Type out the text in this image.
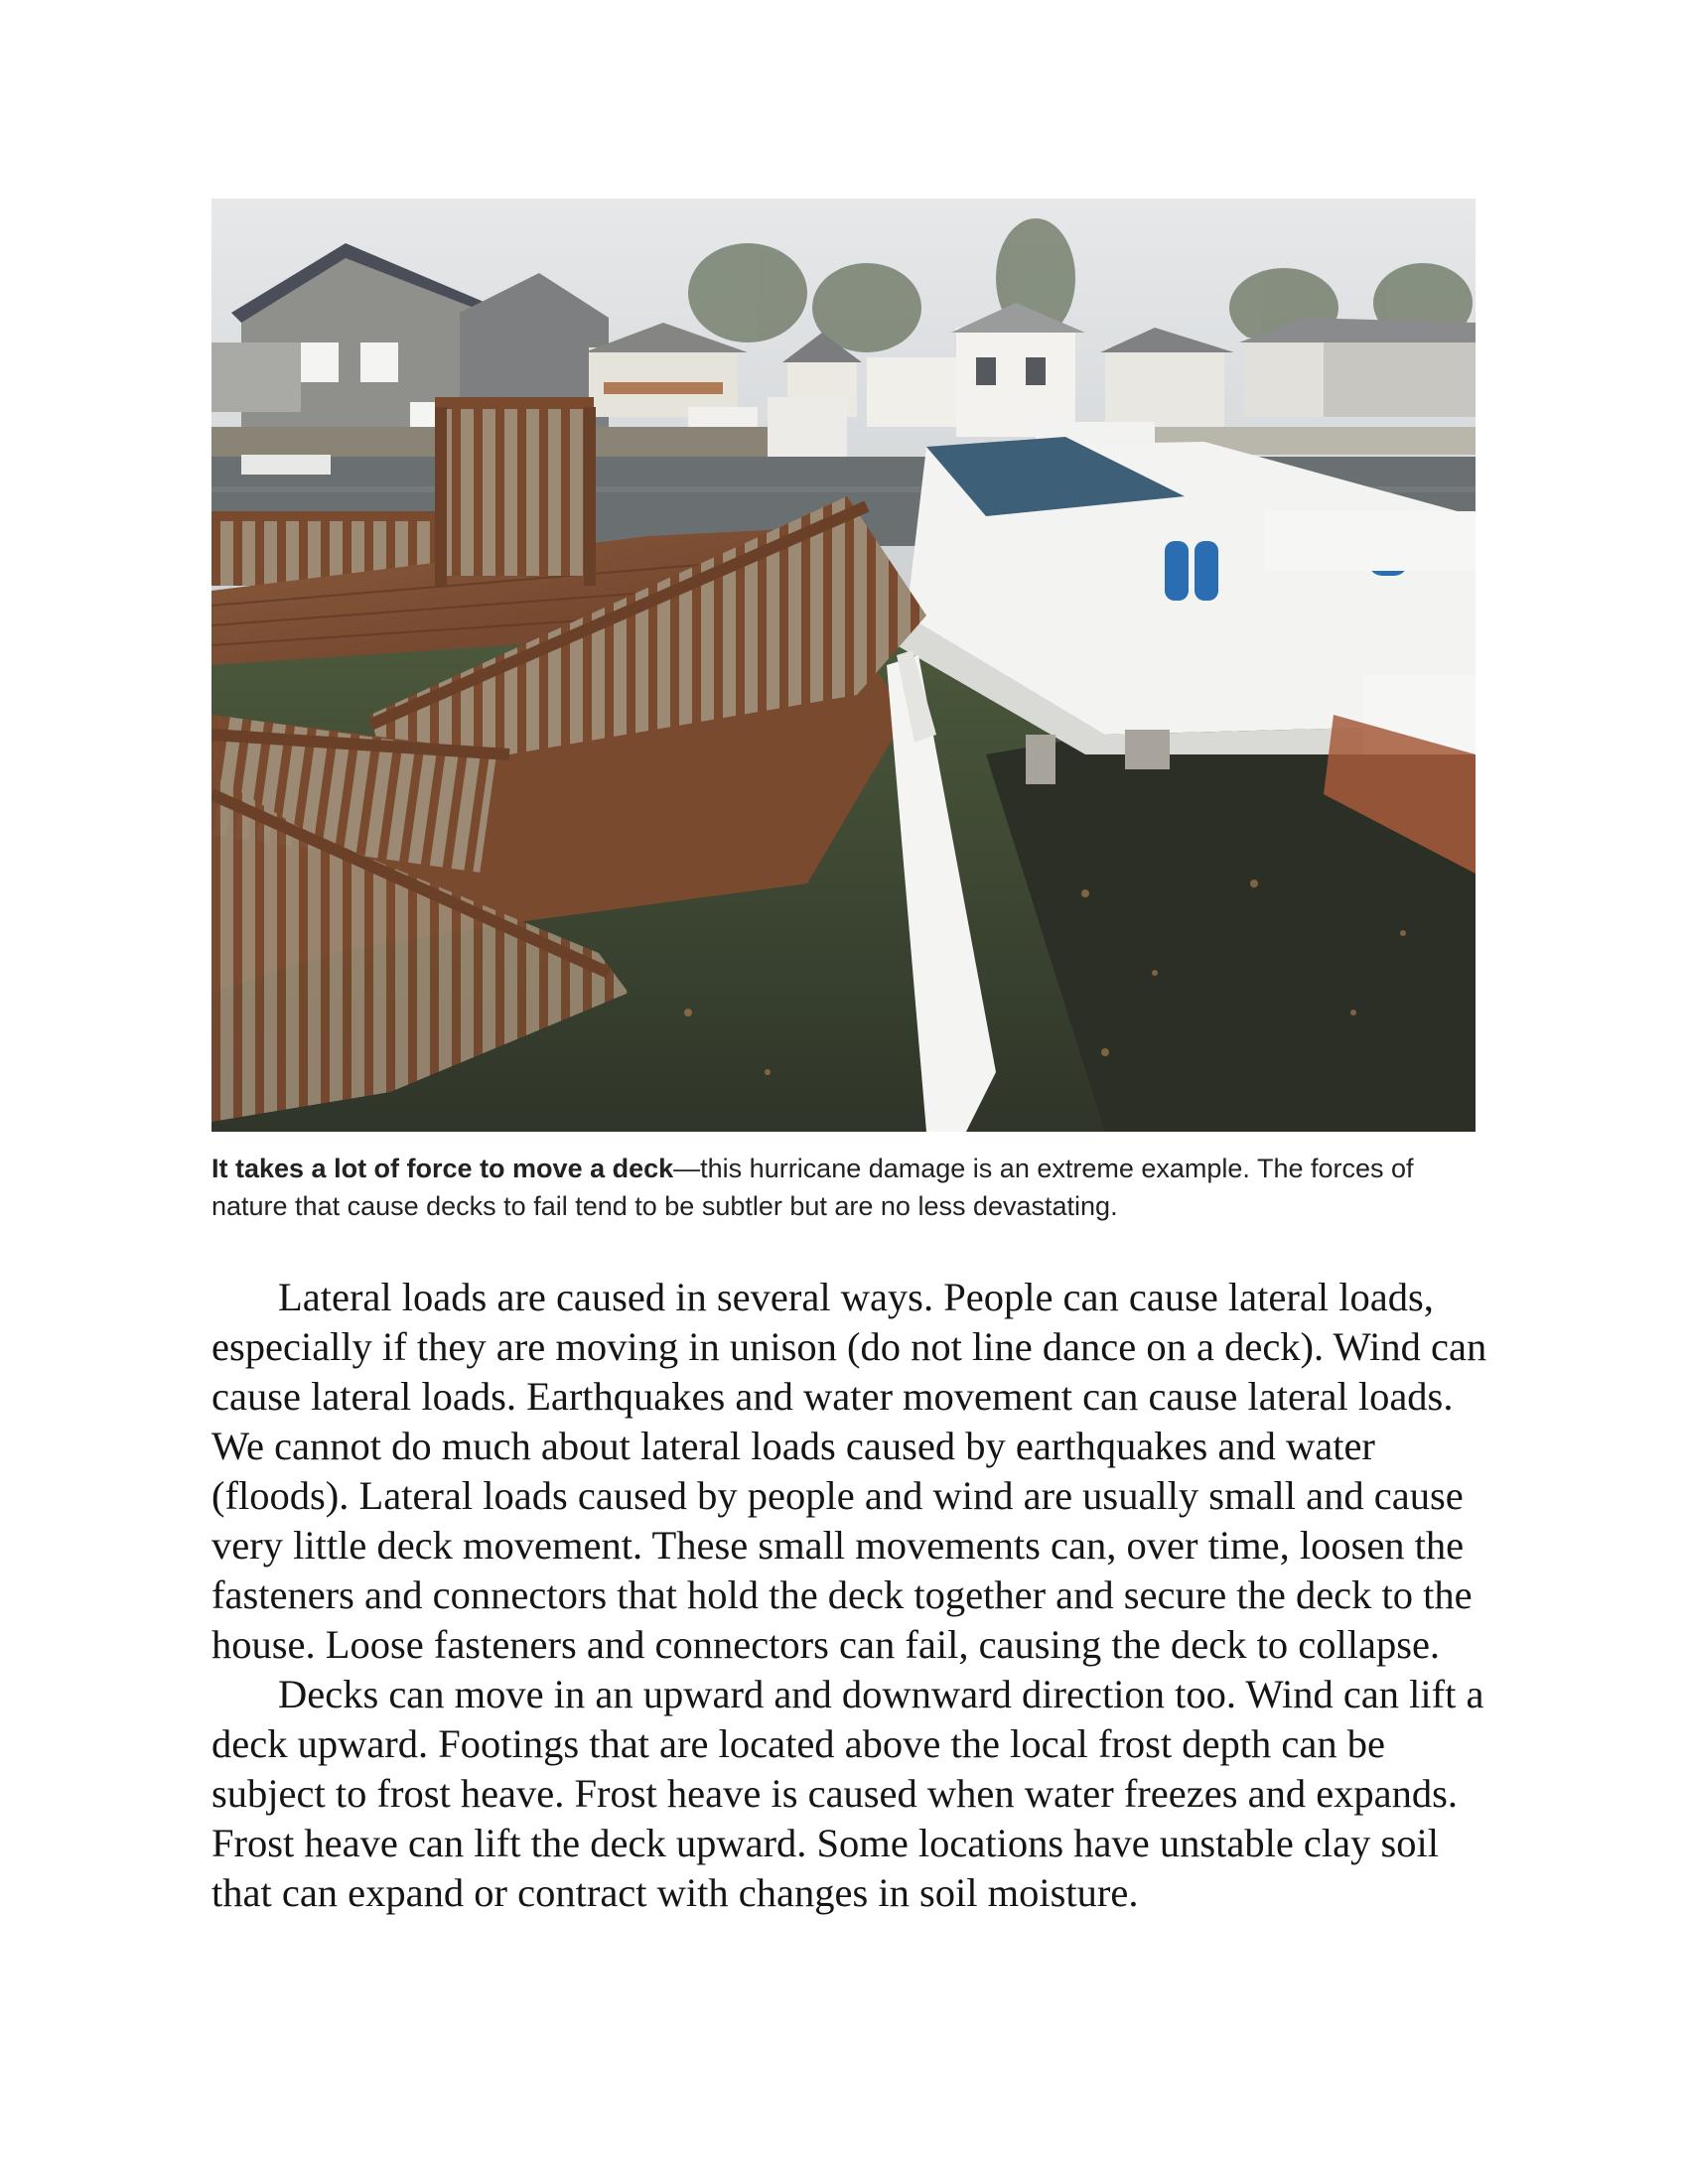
It takes a lot of force to move a deck—this hurricane damage is an extreme example. The forces of nature that cause decks to fail tend to be subtler but are no less devastating.

Lateral loads are caused in several ways. People can cause lateral loads, especially if they are moving in unison (do not line dance on a deck). Wind can cause lateral loads. Earthquakes and water movement can cause lateral loads. We cannot do much about lateral loads caused by earthquakes and water (floods). Lateral loads caused by people and wind are usually small and cause very little deck movement. These small movements can, over time, loosen the fasteners and connectors that hold the deck together and secure the deck to the house. Loose fasteners and connectors can fail, causing the deck to collapse.

Decks can move in an upward and downward direction too. Wind can lift a deck upward. Footings that are located above the local frost depth can be subject to frost heave. Frost heave is caused when water freezes and expands. Frost heave can lift the deck upward. Some locations have unstable clay soil that can expand or contract with changes in soil moisture.
